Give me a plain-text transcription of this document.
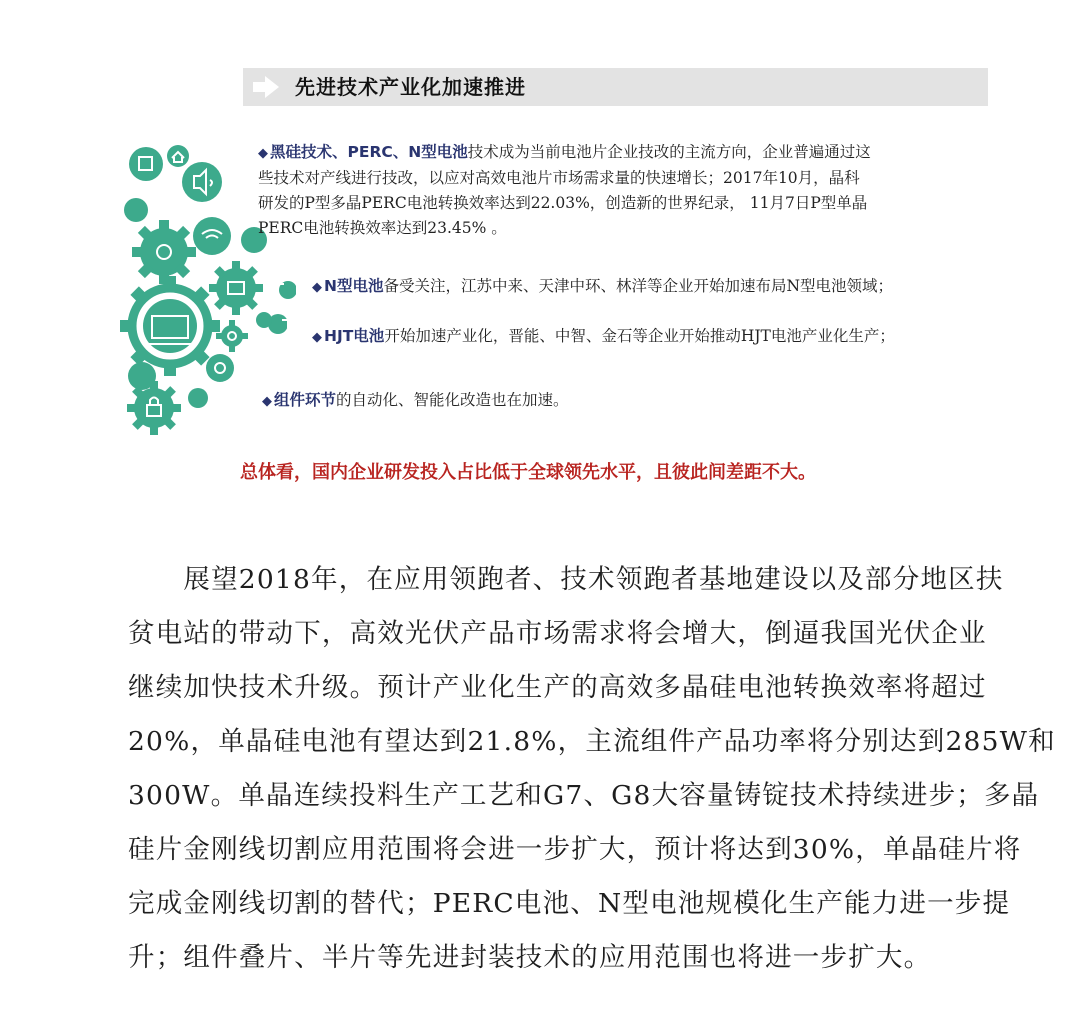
先进技术产业化加速推进
◆ 黑硅技术、PERC、N型电池技术成为当前电池片企业技改的主流方向，企业普遍通过这
些技术对产线进行技改，以应对高效电池片市场需求量的快速增长；2017年10月，晶科
研发的P型多晶PERC电池转换效率达到22.03%，创造新的世界纪录， 11月7日P型单晶
PERC电池转换效率达到23.45% 。
◆ N型电池备受关注，江苏中来、天津中环、林洋等企业开始加速布局N型电池领域；
◆ HJT电池开始加速产业化，晋能、中智、金石等企业开始推动HJT电池产业化生产；
◆ 组件环节的自动化、智能化改造也在加速。
总体看，国内企业研发投入占比低于全球领先水平，且彼此间差距不大。
　　展望2018年，在应用领跑者、技术领跑者基地建设以及部分地区扶
贫电站的带动下，高效光伏产品市场需求将会增大，倒逼我国光伏企业
继续加快技术升级。预计产业化生产的高效多晶硅电池转换效率将超过
20%，单晶硅电池有望达到21.8%，主流组件产品功率将分别达到285W和
300W。单晶连续投料生产工艺和G7、G8大容量铸锭技术持续进步；多晶
硅片金刚线切割应用范围将会进一步扩大，预计将达到30%，单晶硅片将
完成金刚线切割的替代；PERC电池、N型电池规模化生产能力进一步提
升；组件叠片、半片等先进封装技术的应用范围也将进一步扩大。
